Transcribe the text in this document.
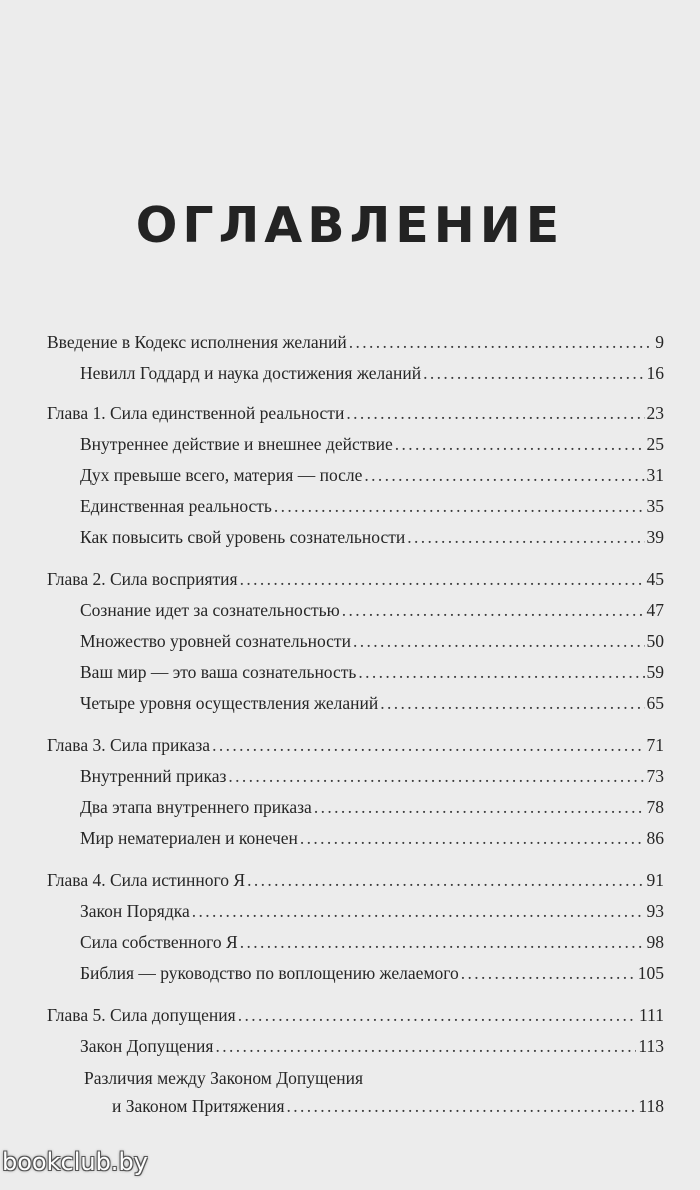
ОГЛАВЛЕНИЕ
Введение в Кодекс исполнения желаний . . .	9
Невилл Годдард и наука достижения желаний . . .	16
Глава 1. Сила единственной реальности . . .	23
Внутреннее действие и внешнее действие . . .	25
Дух превыше всего, материя — после . . .	31
Единственная реальность . . .	35
Как повысить свой уровень сознательности . . .	39
Глава 2. Сила восприятия . . .	45
Сознание идет за сознательностью . . .	47
Множество уровней сознательности . . .	50
Ваш мир — это ваша сознательность . . .	59
Четыре уровня осуществления желаний . . .	65
Глава 3. Сила приказа . . .	71
Внутренний приказ . . .	73
Два этапа внутреннего приказа . . .	78
Мир нематериален и конечен . . .	86
Глава 4. Сила истинного Я . . .	91
Закон Порядка . . .	93
Сила собственного Я . . .	98
Библия — руководство по воплощению желаемого . . .	105
Глава 5. Сила допущения . . .	111
Закон Допущения . . .	113
Различия между Законом Допущения
и Законом Притяжения . . .	118
bookclub.by
